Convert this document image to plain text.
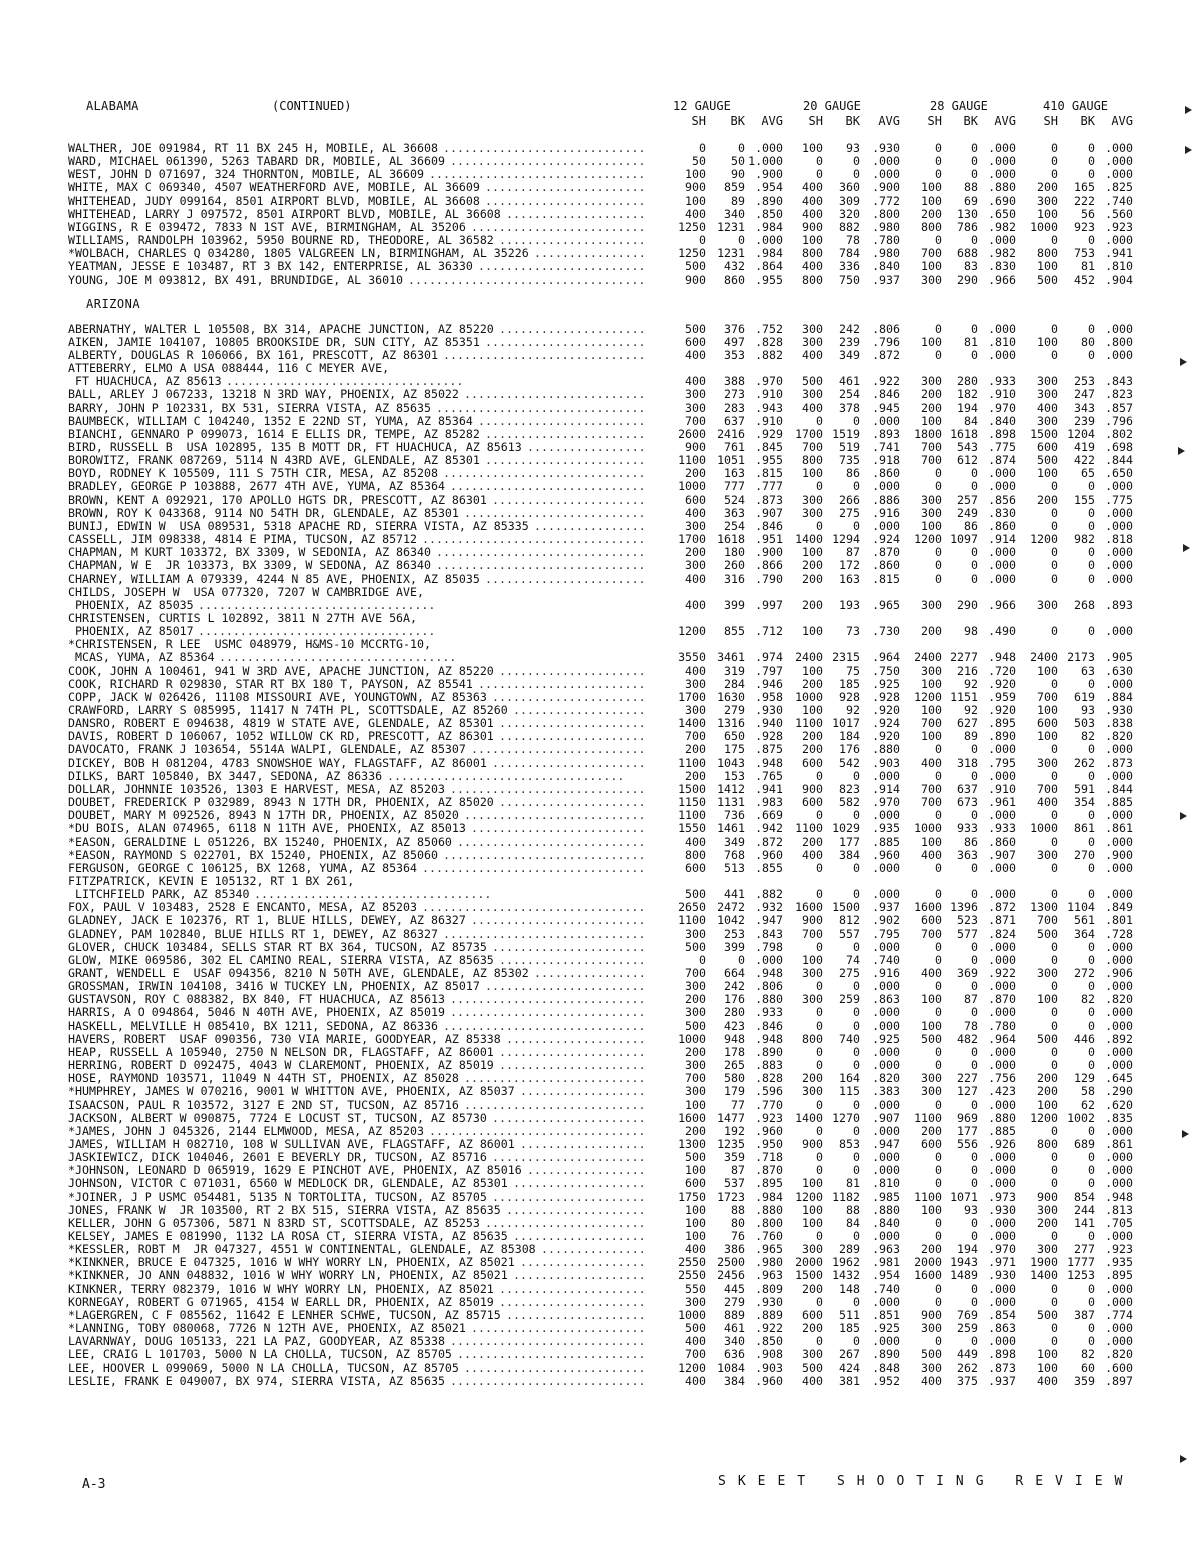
ALABAMA	(CONTINUED)	12 GAUGE	20 GAUGE	28 GAUGE	410 GAUGE
SH	BK	AVG	SH	BK	AVG	SH	BK	AVG	SH	BK	AVG
WALTHER, JOE 091984, RT 11 BX 245 H, MOBILE, AL 36608 .............................	0	0 .000	100	93	.930	0	0 .000	0	0 .000
WARD, MICHAEL 061390, 5263 TABARD DR, MOBILE, AL 36609 ............................	50	50 1.000	0	0	.000	0	0 .000	0	0 .000
WEST, JOHN D 071697, 324 THORNTON, MOBILE, AL 36609 ...............................	100	90 .900	0	0	.000	0	0 .000	0	0 .000
WHITE, MAX C 069340, 4507 WEATHERFORD AVE, MOBILE, AL 36609 .......................	900	859 .954	400	360	.900	100	88 .880	200	165 .825
WHITEHEAD, JUDY 099164, 8501 AIRPORT BLVD, MOBILE, AL 36608 .......................	100	89 .890	400	309	.772	100	69 .690	300	222 .740
WHITEHEAD, LARRY J 097572, 8501 AIRPORT BLVD, MOBILE, AL 36608 ....................	400	340 .850	400	320	.800	200	130 .650	100	56 .560
WIGGINS, R E 039472, 7833 N 1ST AVE, BIRMINGHAM, AL 35206 .........................	1250 1231 .984	900	882	.980	800	786 .982	1000	923 .923
WILLIAMS, RANDOLPH 103962, 5950 BOURNE RD, THEODORE, AL 36582 .....................	0	0 .000	100	78	.780	0	0 .000	0	0 .000
*WOLBACH, CHARLES Q 034280, 1805 VALGREEN LN, BIRMINGHAM, AL 35226 ................	1250 1231 .984	800	784	.980	700	688 .982	800	753 .941
YEATMAN, JESSE E 103487, RT 3 BX 142, ENTERPRISE, AL 36330 ........................	500	432 .864	400	336	.840	100	83 .830	100	81 .810
YOUNG, JOE M 093812, BX 491, BRUNDIDGE, AL 36010 ..................................	900	860 .955	800	750	.937	300	290 .966	500	452 .904
ARIZONA
ABERNATHY, WALTER L 105508, BX 314, APACHE JUNCTION, AZ 85220 .....................	500	376 .752	300	242	.806	0	0 .000	0	0 .000
AIKEN, JAMIE 104107, 10805 BROOKSIDE DR, SUN CITY, AZ 85351 .......................	600	497 .828	300	239	.796	100	81 .810	100	80 .800
ALBERTY, DOUGLAS R 106066, BX 161, PRESCOTT, AZ 86301 .............................	400	353 .882	400	349	.872	0	0 .000	0	0 .000
ATTEBERRY, ELMO A USA 088444, 116 C MEYER AVE,
FT HUACHUCA, AZ 85613 ..................................	400	388 .970	500	461	.922	300	280 .933	300	253 .843
BALL, ARLEY J 067233, 13218 N 3RD WAY, PHOENIX, AZ 85022 ..........................	300	273 .910	300	254	.846	200	182 .910	300	247 .823
BARRY, JOHN P 102331, BX 531, SIERRA VISTA, AZ 85635 ..............................	300	283 .943	400	378	.945	200	194 .970	400	343 .857
BAUMBECK, WILLIAM C 104240, 1352 E 22ND ST, YUMA, AZ 85364 ........................	700	637 .910	0	0	.000	100	84 .840	300	239 .796
BIANCHI, GENNARO P 099073, 1614 E ELLIS DR, TEMPE, AZ 85282 .......................	2600 2416 .929	1700 1519	.893	1800 1618 .898	1500 1204 .802
BIRD, RUSSELL B  USA 102895, 135 B MOTT DR, FT HUACHUCA, AZ 85613 .................	900	761 .845	700	519	.741	700	543 .775	600	419 .698
BOROWITZ, FRANK 087269, 5114 N 43RD AVE, GLENDALE, AZ 85301 .......................	1100 1051 .955	800	735	.918	700	612 .874	500	422 .844
BOYD, RODNEY K 105509, 111 S 75TH CIR, MESA, AZ 85208 .............................	200	163 .815	100	86	.860	0	0 .000	100	65 .650
BRADLEY, GEORGE P 103888, 2677 4TH AVE, YUMA, AZ 85364 ............................	1000	777 .777	0	0	.000	0	0 .000	0	0 .000
BROWN, KENT A 092921, 170 APOLLO HGTS DR, PRESCOTT, AZ 86301 ......................	600	524 .873	300	266	.886	300	257 .856	200	155 .775
BROWN, ROY K 043368, 9114 NO 54TH DR, GLENDALE, AZ 85301 ..........................	400	363 .907	300	275	.916	300	249 .830	0	0 .000
BUNIJ, EDWIN W  USA 089531, 5318 APACHE RD, SIERRA VISTA, AZ 85335 ................	300	254 .846	0	0	.000	100	86 .860	0	0 .000
CASSELL, JIM 098338, 4814 E PIMA, TUCSON, AZ 85712 ................................	1700 1618 .951	1400 1294	.924	1200 1097 .914	1200	982 .818
CHAPMAN, M KURT 103372, BX 3309, W SEDONIA, AZ 86340 ..............................	200	180 .900	100	87	.870	0	0 .000	0	0 .000
CHAPMAN, W E  JR 103373, BX 3309, W SEDONA, AZ 86340 ..............................	300	260 .866	200	172	.860	0	0 .000	0	0 .000
CHARNEY, WILLIAM A 079339, 4244 N 85 AVE, PHOENIX, AZ 85035 .......................	400	316 .790	200	163	.815	0	0 .000	0	0 .000
CHILDS, JOSEPH W  USA 077320, 7207 W CAMBRIDGE AVE,
PHOENIX, AZ 85035 ..................................	400	399 .997	200	193	.965	300	290 .966	300	268 .893
CHRISTENSEN, CURTIS L 102892, 3811 N 27TH AVE 56A,
PHOENIX, AZ 85017 ..................................	1200	855 .712	100	73	.730	200	98 .490	0	0 .000
*CHRISTENSEN, R LEE  USMC 048979, H&MS-10 MCCRTG-10,
MCAS, YUMA, AZ 85364 ..................................	3550 3461 .974	2400 2315	.964	2400 2277 .948	2400 2173 .905
COOK, JOHN A 100461, 941 W 3RD AVE, APACHE JUNCTION, AZ 85220 .....................	400	319 .797	100	75	.750	300	216 .720	100	63 .630
COOK, RICHARD R 029830, STAR RT BX 180 T, PAYSON, AZ 85541 ........................	300	284 .946	200	185	.925	100	92 .920	0	0 .000
COPP, JACK W 026426, 11108 MISSOURI AVE, YOUNGTOWN, AZ 85363 ......................	1700 1630 .958	1000	928	.928	1200 1151 .959	700	619 .884
CRAWFORD, LARRY S 085995, 11417 N 74TH PL, SCOTTSDALE, AZ 85260 ...................	300	279 .930	100	92	.920	100	92 .920	100	93 .930
DANSRO, ROBERT E 094638, 4819 W STATE AVE, GLENDALE, AZ 85301 .....................	1400 1316 .940	1100 1017	.924	700	627 .895	600	503 .838
DAVIS, ROBERT D 106067, 1052 WILLOW CK RD, PRESCOTT, AZ 86301 .....................	700	650 .928	200	184	.920	100	89 .890	100	82 .820
DAVOCATO, FRANK J 103654, 5514A WALPI, GLENDALE, AZ 85307 .........................	200	175 .875	200	176	.880	0	0 .000	0	0 .000
DICKEY, BOB H 081204, 4783 SNOWSHOE WAY, FLAGSTAFF, AZ 86001 ......................	1100 1043 .948	600	542	.903	400	318 .795	300	262 .873
DILKS, BART 105840, BX 3447, SEDONA, AZ 86336 ..................................	200	153 .765	0	0	.000	0	0 .000	0	0 .000
DOLLAR, JOHNNIE 103526, 1303 E HARVEST, MESA, AZ 85203 ............................	1500 1412 .941	900	823	.914	700	637 .910	700	591 .844
DOUBET, FREDERICK P 032989, 8943 N 17TH DR, PHOENIX, AZ 85020 .....................	1150 1131 .983	600	582	.970	700	673 .961	400	354 .885
DOUBET, MARY M 092526, 8943 N 17TH DR, PHOENIX, AZ 85020 ..........................	1100	736 .669	0	0	.000	0	0 .000	0	0 .000
*DU BOIS, ALAN 074965, 6118 N 11TH AVE, PHOENIX, AZ 85013 .........................	1550 1461 .942	1100 1029	.935	1000	933 .933	1000	861 .861
*EASON, GERALDINE L 051226, BX 15240, PHOENIX, AZ 85060 ...........................	400	349 .872	200	177	.885	100	86 .860	0	0 .000
*EASON, RAYMOND S 022701, BX 15240, PHOENIX, AZ 85060 .............................	800	768 .960	400	384	.960	400	363 .907	300	270 .900
FERGUSON, GEORGE C 106125, BX 1268, YUMA, AZ 85364 ................................	600	513 .855	0	0	.000	0	0 .000	0	0 .000
FITZPATRICK, KEVIN E 105132, RT 1 BX 261,
LITCHFIELD PARK, AZ 85340 ..................................	500	441 .882	0	0	.000	0	0 .000	0	0 .000
FOX, PAUL V 103483, 2528 E ENCANTO, MESA, AZ 85203 ................................	2650 2472 .932	1600 1500	.937	1600 1396 .872	1300 1104 .849
GLADNEY, JACK E 102376, RT 1, BLUE HILLS, DEWEY, AZ 86327 .........................	1100 1042 .947	900	812	.902	600	523 .871	700	561 .801
GLADNEY, PAM 102840, BLUE HILLS RT 1, DEWEY, AZ 86327 .............................	300	253 .843	700	557	.795	700	577 .824	500	364 .728
GLOVER, CHUCK 103484, SELLS STAR RT BX 364, TUCSON, AZ 85735 ......................	500	399 .798	0	0	.000	0	0 .000	0	0 .000
GLOW, MIKE 069586, 302 EL CAMINO REAL, SIERRA VISTA, AZ 85635 .....................	0	0 .000	100	74	.740	0	0 .000	0	0 .000
GRANT, WENDELL E  USAF 094356, 8210 N 50TH AVE, GLENDALE, AZ 85302 ................	700	664 .948	300	275	.916	400	369 .922	300	272 .906
GROSSMAN, IRWIN 104108, 3416 W TUCKEY LN, PHOENIX, AZ 85017 .......................	300	242 .806	0	0	.000	0	0 .000	0	0 .000
GUSTAVSON, ROY C 088382, BX 840, FT HUACHUCA, AZ 85613 ............................	200	176 .880	300	259	.863	100	87 .870	100	82 .820
HARRIS, A O 094864, 5046 N 40TH AVE, PHOENIX, AZ 85019 ............................	300	280 .933	0	0	.000	0	0 .000	0	0 .000
HASKELL, MELVILLE H 085410, BX 1211, SEDONA, AZ 86336 .............................	500	423 .846	0	0	.000	100	78 .780	0	0 .000
HAVERS, ROBERT  USAF 090356, 730 VIA MARIE, GOODYEAR, AZ 85338 ....................	1000	948 .948	800	740	.925	500	482 .964	500	446 .892
HEAP, RUSSELL A 105940, 2750 N NELSON DR, FLAGSTAFF, AZ 86001 .....................	200	178 .890	0	0	.000	0	0 .000	0	0 .000
HERRING, ROBERT D 092475, 4043 W CLAREMONT, PHOENIX, AZ 85019 .....................	300	265 .883	0	0	.000	0	0 .000	0	0 .000
HOSE, RAYMOND 103571, 11049 N 44TH ST, PHOENIX, AZ 85028 ..........................	700	580 .828	200	164	.820	300	227 .756	200	129 .645
*HUMPHREY, JAMES W 070216, 9001 W WHITTON AVE, PHOENIX, AZ 85037 ..................	300	179 .596	300	115	.383	300	127 .423	200	58 .290
ISAACSON, PAUL R 103572, 3127 E 2ND ST, TUCSON, AZ 85716 ..........................	100	77 .770	0	0	.000	0	0 .000	100	62 .620
JACKSON, ALBERT W 090875, 7724 E LOCUST ST, TUCSON, AZ 85730 ......................	1600 1477 .923	1400 1270	.907	1100	969 .880	1200 1002 .835
*JAMES, JOHN J 045326, 2144 ELMWOOD, MESA, AZ 85203 ...............................	200	192 .960	0	0	.000	200	177 .885	0	0 .000
JAMES, WILLIAM H 082710, 108 W SULLIVAN AVE, FLAGSTAFF, AZ 86001 ..................	1300 1235 .950	900	853	.947	600	556 .926	800	689 .861
JASKIEWICZ, DICK 104046, 2601 E BEVERLY DR, TUCSON, AZ 85716 ......................	500	359 .718	0	0	.000	0	0 .000	0	0 .000
*JOHNSON, LEONARD D 065919, 1629 E PINCHOT AVE, PHOENIX, AZ 85016 .................	100	87 .870	0	0	.000	0	0 .000	0	0 .000
JOHNSON, VICTOR C 071031, 6560 W MEDLOCK DR, GLENDALE, AZ 85301 ...................	600	537 .895	100	81	.810	0	0 .000	0	0 .000
*JOINER, J P USMC 054481, 5135 N TORTOLITA, TUCSON, AZ 85705 ......................	1750 1723 .984	1200 1182	.985	1100 1071 .973	900	854 .948
JONES, FRANK W  JR 103500, RT 2 BX 515, SIERRA VISTA, AZ 85635 ....................	100	88 .880	100	88	.880	100	93 .930	300	244 .813
KELLER, JOHN G 057306, 5871 N 83RD ST, SCOTTSDALE, AZ 85253 .......................	100	80 .800	100	84	.840	0	0 .000	200	141 .705
KELSEY, JAMES E 081990, 1132 LA ROSA CT, SIERRA VISTA, AZ 85635 ...................	100	76 .760	0	0	.000	0	0 .000	0	0 .000
*KESSLER, ROBT M  JR 047327, 4551 W CONTINENTAL, GLENDALE, AZ 85308 ...............	400	386 .965	300	289	.963	200	194 .970	300	277 .923
*KINKNER, BRUCE E 047325, 1016 W WHY WORRY LN, PHOENIX, AZ 85021 ..................	2550 2500 .980	2000 1962	.981	2000 1943 .971	1900 1777 .935
*KINKNER, JO ANN 048832, 1016 W WHY WORRY LN, PHOENIX, AZ 85021 ...................	2550 2456 .963	1500 1432	.954	1600 1489 .930	1400 1253 .895
KINKNER, TERRY 082379, 1016 W WHY WORRY LN, PHOENIX, AZ 85021 .....................	550	445 .809	200	148	.740	0	0 .000	0	0 .000
KORNEGAY, ROBERT G 071965, 4154 W EARLL DR, PHOENIX, AZ 85019 .....................	300	279 .930	0	0	.000	0	0 .000	0	0 .000
*LAGERGREN, C F 085562, 11642 E LENHER SCHWE, TUCSON, AZ 85715 ....................	1000	889 .889	600	511	.851	900	769 .854	500	387 .774
*LANNING, TOBY 080068, 7726 N 12TH AVE, PHOENIX, AZ 85021 .........................	500	461 .922	200	185	.925	300	259 .863	0	0 .000
LAVARNWAY, DOUG 105133, 221 LA PAZ, GOODYEAR, AZ 85338 ............................	400	340 .850	0	0	.000	0	0 .000	0	0 .000
LEE, CRAIG L 101703, 5000 N LA CHOLLA, TUCSON, AZ 85705 ...........................	700	636 .908	300	267	.890	500	449 .898	100	82 .820
LEE, HOOVER L 099069, 5000 N LA CHOLLA, TUCSON, AZ 85705 ..........................	1200 1084 .903	500	424	.848	300	262 .873	100	60 .600
LESLIE, FRANK E 049007, BX 974, SIERRA VISTA, AZ 85635 ............................	400	384 .960	400	381	.952	400	375 .937	400	359 .897
A-3	SKEET SHOOTING REVIEW
